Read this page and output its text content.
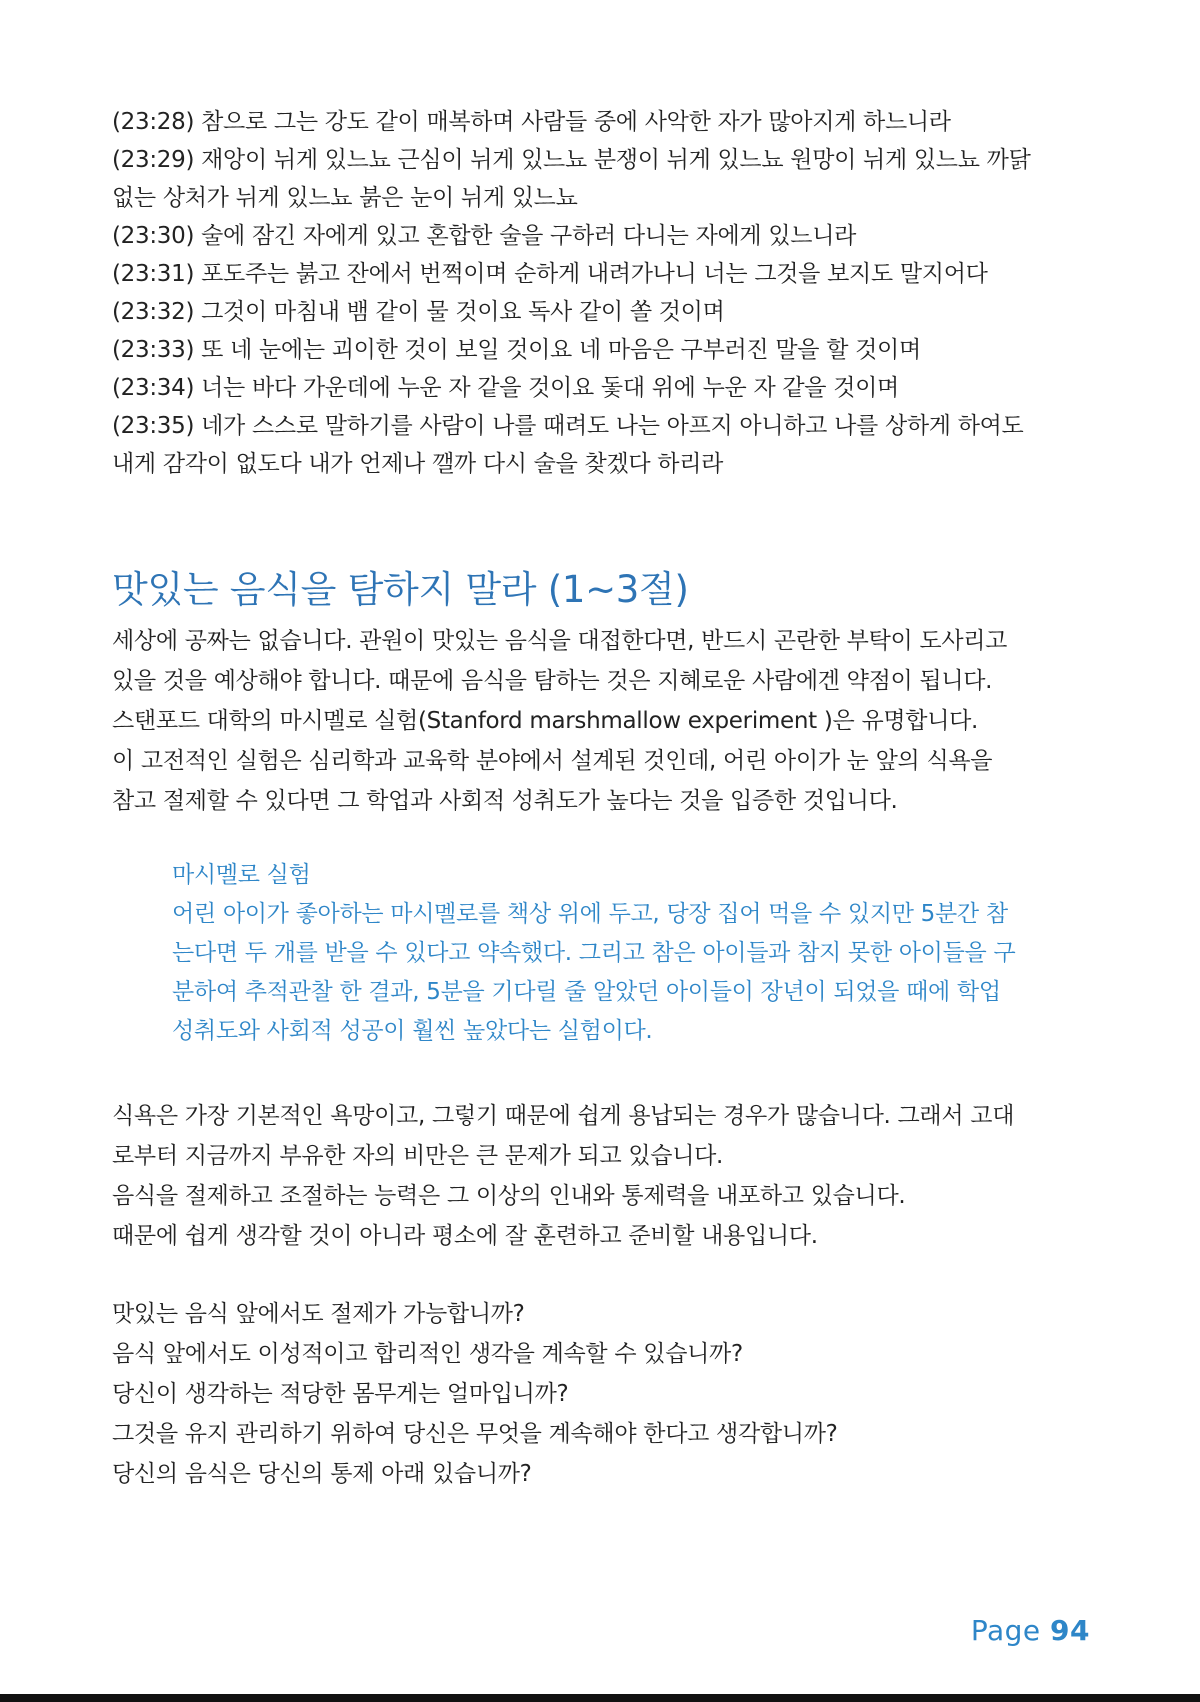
(23:28) 참으로 그는 강도 같이 매복하며 사람들 중에 사악한 자가 많아지게 하느니라

(23:29) 재앙이 뉘게 있느뇨 근심이 뉘게 있느뇨 분쟁이 뉘게 있느뇨 원망이 뉘게 있느뇨 까닭

없는 상처가 뉘게 있느뇨 붉은 눈이 뉘게 있느뇨

(23:30) 술에 잠긴 자에게 있고 혼합한 술을 구하러 다니는 자에게 있느니라

(23:31) 포도주는 붉고 잔에서 번쩍이며 순하게 내려가나니 너는 그것을 보지도 말지어다

(23:32) 그것이 마침내 뱀 같이 물 것이요 독사 같이 쏠 것이며

(23:33) 또 네 눈에는 괴이한 것이 보일 것이요 네 마음은 구부러진 말을 할 것이며

(23:34) 너는 바다 가운데에 누운 자 같을 것이요 돛대 위에 누운 자 같을 것이며

(23:35) 네가 스스로 말하기를 사람이 나를 때려도 나는 아프지 아니하고 나를 상하게 하여도

내게 감각이 없도다 내가 언제나 깰까 다시 술을 찾겠다 하리라

맛있는 음식을 탐하지 말라 (1~3절)

세상에 공짜는 없습니다. 관원이 맛있는 음식을 대접한다면, 반드시 곤란한 부탁이 도사리고

있을 것을 예상해야 합니다. 때문에 음식을 탐하는 것은 지혜로운 사람에겐 약점이 됩니다.

스탠포드 대학의 마시멜로 실험(Stanford marshmallow experiment )은 유명합니다.

이 고전적인 실험은 심리학과 교육학 분야에서 설계된 것인데, 어린 아이가 눈 앞의 식욕을

참고 절제할 수 있다면 그 학업과 사회적 성취도가 높다는 것을 입증한 것입니다.

마시멜로 실험

어린 아이가 좋아하는 마시멜로를 책상 위에 두고, 당장 집어 먹을 수 있지만 5분간 참

는다면 두 개를 받을 수 있다고 약속했다. 그리고 참은 아이들과 참지 못한 아이들을 구

분하여 추적관찰 한 결과, 5분을 기다릴 줄 알았던 아이들이 장년이 되었을 때에 학업

성취도와 사회적 성공이 훨씬 높았다는 실험이다.

식욕은 가장 기본적인 욕망이고, 그렇기 때문에 쉽게 용납되는 경우가 많습니다. 그래서 고대

로부터 지금까지 부유한 자의 비만은 큰 문제가 되고 있습니다.

음식을 절제하고 조절하는 능력은 그 이상의 인내와 통제력을 내포하고 있습니다.

때문에 쉽게 생각할 것이 아니라 평소에 잘 훈련하고 준비할 내용입니다.

맛있는 음식 앞에서도 절제가 가능합니까?

음식 앞에서도 이성적이고 합리적인 생각을 계속할 수 있습니까?

당신이 생각하는 적당한 몸무게는 얼마입니까?

그것을 유지 관리하기 위하여 당신은 무엇을 계속해야 한다고 생각합니까?

당신의 음식은 당신의 통제 아래 있습니까?

Page 94
